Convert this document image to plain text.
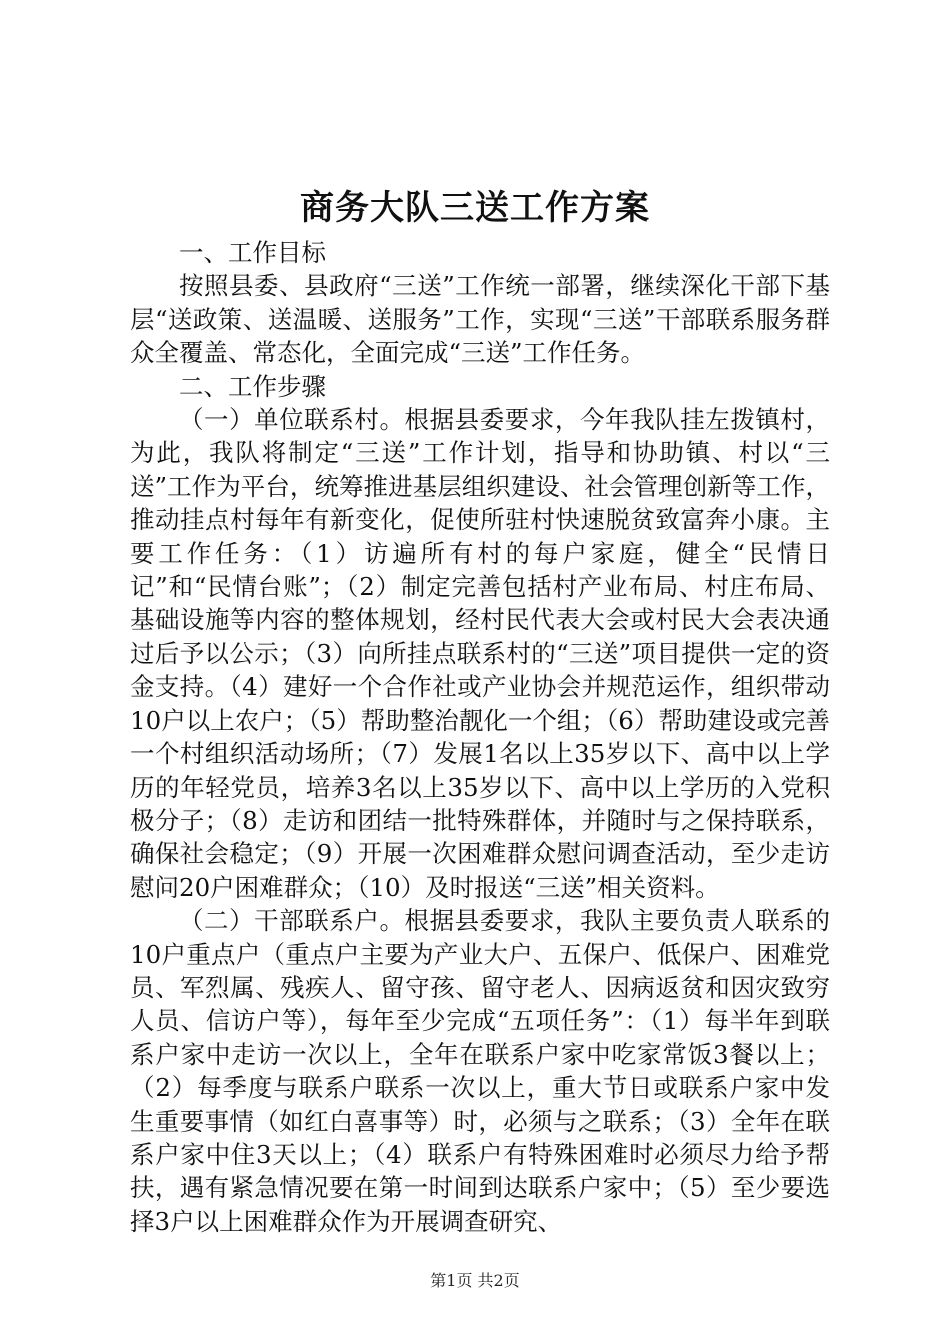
商务大队三送工作方案

一、工作目标

按照县委、县政府“三送”工作统一部署，继续深化干部下基层“送政策、送温暖、送服务”工作，实现“三送”干部联系服务群众全覆盖、常态化，全面完成“三送”工作任务。

二、工作步骤

（一）单位联系村。根据县委要求，今年我队挂左拨镇村，为此，我队将制定“三送”工作计划，指导和协助镇、村以“三送”工作为平台，统筹推进基层组织建设、社会管理创新等工作，推动挂点村每年有新变化，促使所驻村快速脱贫致富奔小康。主要工作任务：（1）访遍所有村的每户家庭，健全“民情日记”和“民情台账”；（2）制定完善包括村产业布局、村庄布局、基础设施等内容的整体规划，经村民代表大会或村民大会表决通过后予以公示；（3）向所挂点联系村的“三送”项目提供一定的资金支持。（4）建好一个合作社或产业协会并规范运作，组织带动10户以上农户；（5）帮助整治靓化一个组；（6）帮助建设或完善一个村组织活动场所；（7）发展1名以上35岁以下、高中以上学历的年轻党员，培养3名以上35岁以下、高中以上学历的入党积极分子；（8）走访和团结一批特殊群体，并随时与之保持联系，确保社会稳定；（9）开展一次困难群众慰问调查活动，至少走访慰问20户困难群众；（10）及时报送“三送”相关资料。

（二）干部联系户。根据县委要求，我队主要负责人联系的10户重点户（重点户主要为产业大户、五保户、低保户、困难党员、军烈属、残疾人、留守孩、留守老人、因病返贫和因灾致穷人员、信访户等），每年至少完成“五项任务”：（1）每半年到联系户家中走访一次以上，全年在联系户家中吃家常饭3餐以上；（2）每季度与联系户联系一次以上，重大节日或联系户家中发生重要事情（如红白喜事等）时，必须与之联系；（3）全年在联系户家中住3天以上；（4）联系户有特殊困难时必须尽力给予帮扶，遇有紧急情况要在第一时间到达联系户家中；（5）至少要选择3户以上困难群众作为开展调查研究、

第1页 共2页
